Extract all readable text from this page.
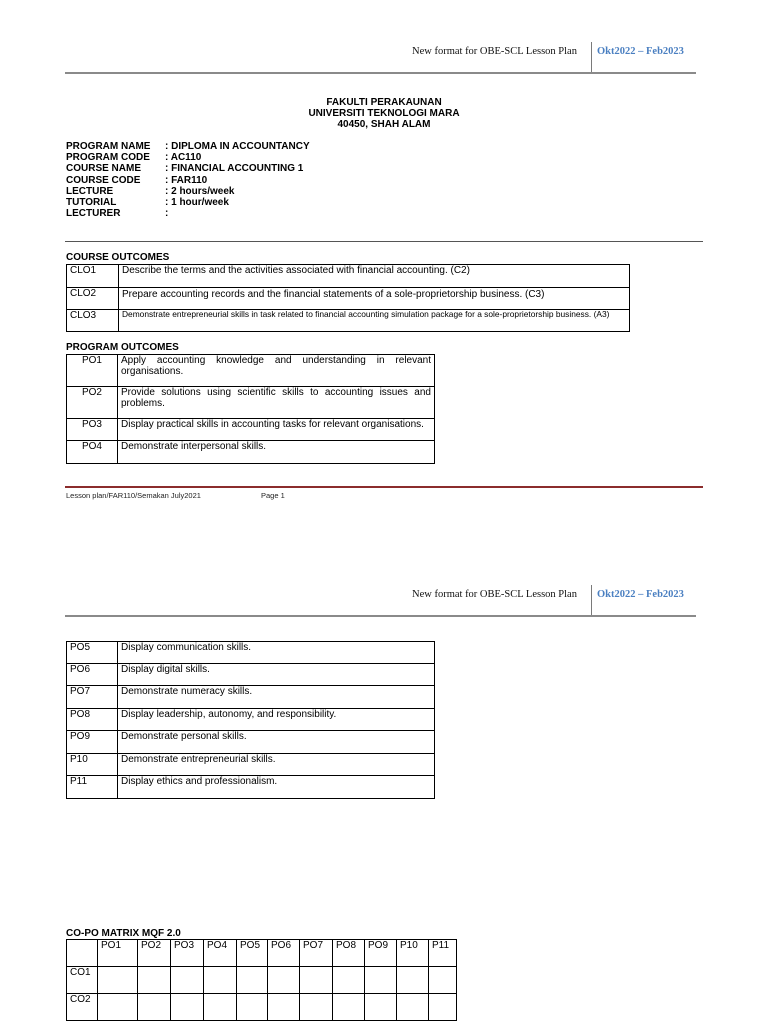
New format for OBE-SCL Lesson Plan Okt2022 – Feb2023
FAKULTI PERAKAUNAN
UNIVERSITI TEKNOLOGI MARA
40450, SHAH ALAM
PROGRAM NAME	: DIPLOMA IN ACCOUNTANCY
PROGRAM CODE	: AC110
COURSE NAME	: FINANCIAL ACCOUNTING 1
COURSE CODE	: FAR110
LECTURE	: 2 hours/week
TUTORIAL	: 1 hour/week
LECTURER	:
COURSE OUTCOMES
CLO1	Describe the terms and the activities associated with financial accounting. (C2)
CLO2	Prepare accounting records and the financial statements of a sole-proprietorship business. (C3)
CLO3	Demonstrate entrepreneurial skills in task related to financial accounting simulation package for a sole-proprietorship business. (A3)
PROGRAM OUTCOMES
PO1	Apply accounting knowledge and understanding in relevant organisations.
PO2	Provide solutions using scientific skills to accounting issues and problems.
PO3	Display practical skills in accounting tasks for relevant organisations.
PO4	Demonstrate interpersonal skills.
Lesson plan/FAR110/Semakan July2021	Page 1
New format for OBE-SCL Lesson Plan Okt2022 – Feb2023
PO5	Display communication skills.
PO6	Display digital skills.
PO7	Demonstrate numeracy skills.
PO8	Display leadership, autonomy, and responsibility.
PO9	Demonstrate personal skills.
P10	Demonstrate entrepreneurial skills.
P11	Display ethics and professionalism.
CO-PO MATRIX MQF 2.0
	PO1	PO2	PO3	PO4	PO5	PO6	PO7	PO8	PO9	P10	P11
CO1											
CO2											
